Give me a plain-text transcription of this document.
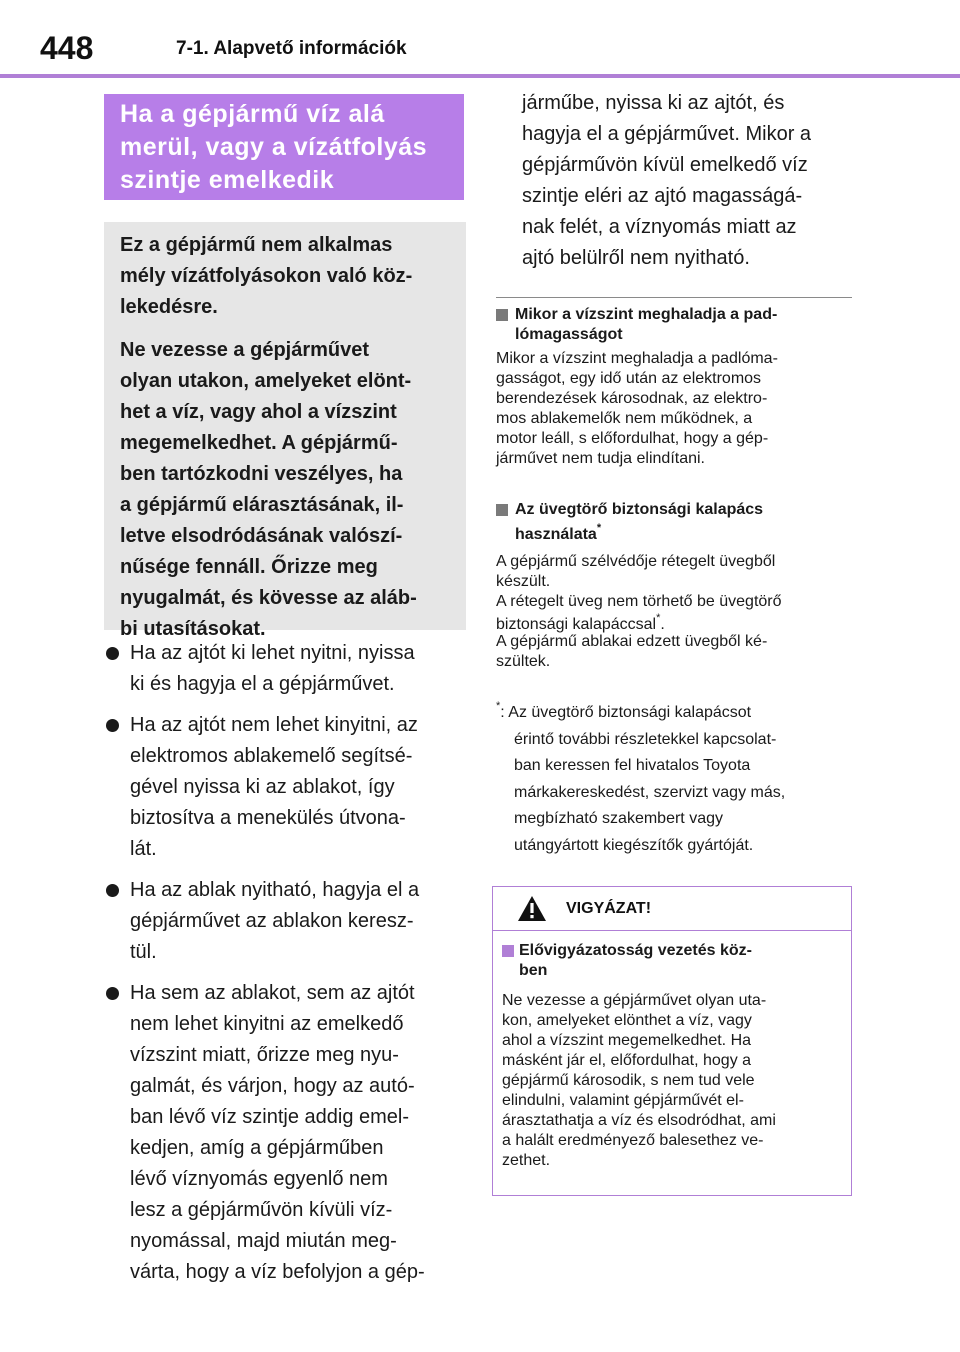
448	7-1. Alapvető információk
Ha a gépjármű víz alá
merül, vagy a vízátfolyás
szintje emelkedik
Ez a gépjármű nem alkalmas
mély vízátfolyásokon való köz-
lekedésre.
Ne vezesse a gépjárművet
olyan utakon, amelyeket elönt-
het a víz, vagy ahol a vízszint
megemelkedhet. A gépjármű-
ben tartózkodni veszélyes, ha
a gépjármű elárasztásának, il-
letve elsodródásának valószí-
nűsége fennáll. Őrizze meg
nyugalmát, és kövesse az aláb-
bi utasításokat.
Ha az ajtót ki lehet nyitni, nyissa
ki és hagyja el a gépjárművet.
Ha az ajtót nem lehet kinyitni, az
elektromos ablakemelő segítsé-
gével nyissa ki az ablakot, így
biztosítva a menekülés útvona-
lát.
Ha az ablak nyitható, hagyja el a
gépjárművet az ablakon keresz-
tül.
Ha sem az ablakot, sem az ajtót
nem lehet kinyitni az emelkedő
vízszint miatt, őrizze meg nyu-
galmát, és várjon, hogy az autó-
ban lévő víz szintje addig emel-
kedjen, amíg a gépjárműben
lévő víznyomás egyenlő nem
lesz a gépjárművön kívüli víz-
nyomással, majd miután meg-
várta, hogy a víz befolyjon a gép-
járműbe, nyissa ki az ajtót, és
hagyja el a gépjárművet. Mikor a
gépjárművön kívül emelkedő víz
szintje eléri az ajtó magasságá-
nak felét, a víznyomás miatt az
ajtó belülről nem nyitható.
Mikor a vízszint meghaladja a pad-
lómagasságot
Mikor a vízszint meghaladja a padlóma-
gasságot, egy idő után az elektromos
berendezések károsodnak, az elektro-
mos ablakemelők nem működnek, a
motor leáll, s előfordulhat, hogy a gép-
járművet nem tudja elindítani.
Az üvegtörő biztonsági kalapács
használata*
A gépjármű szélvédője rétegelt üvegből
készült.
A rétegelt üveg nem törhető be üvegtörő
biztonsági kalapáccsal*.
A gépjármű ablakai edzett üvegből ké-
szültek.
*: Az üvegtörő biztonsági kalapácsot
érintő további részletekkel kapcsolat-
ban keressen fel hivatalos Toyota
márkakereskedést, szervizt vagy más,
megbízható szakembert vagy
utángyártott kiegészítők gyártóját.
VIGYÁZAT!
Elővigyázatosság vezetés köz-
ben
Ne vezesse a gépjárművet olyan uta-
kon, amelyeket elönthet a víz, vagy
ahol a vízszint megemelkedhet. Ha
másként jár el, előfordulhat, hogy a
gépjármű károsodik, s nem tud vele
elindulni, valamint gépjárművét el-
árasztathatja a víz és elsodródhat, ami
a halált eredményező balesethez ve-
zethet.
